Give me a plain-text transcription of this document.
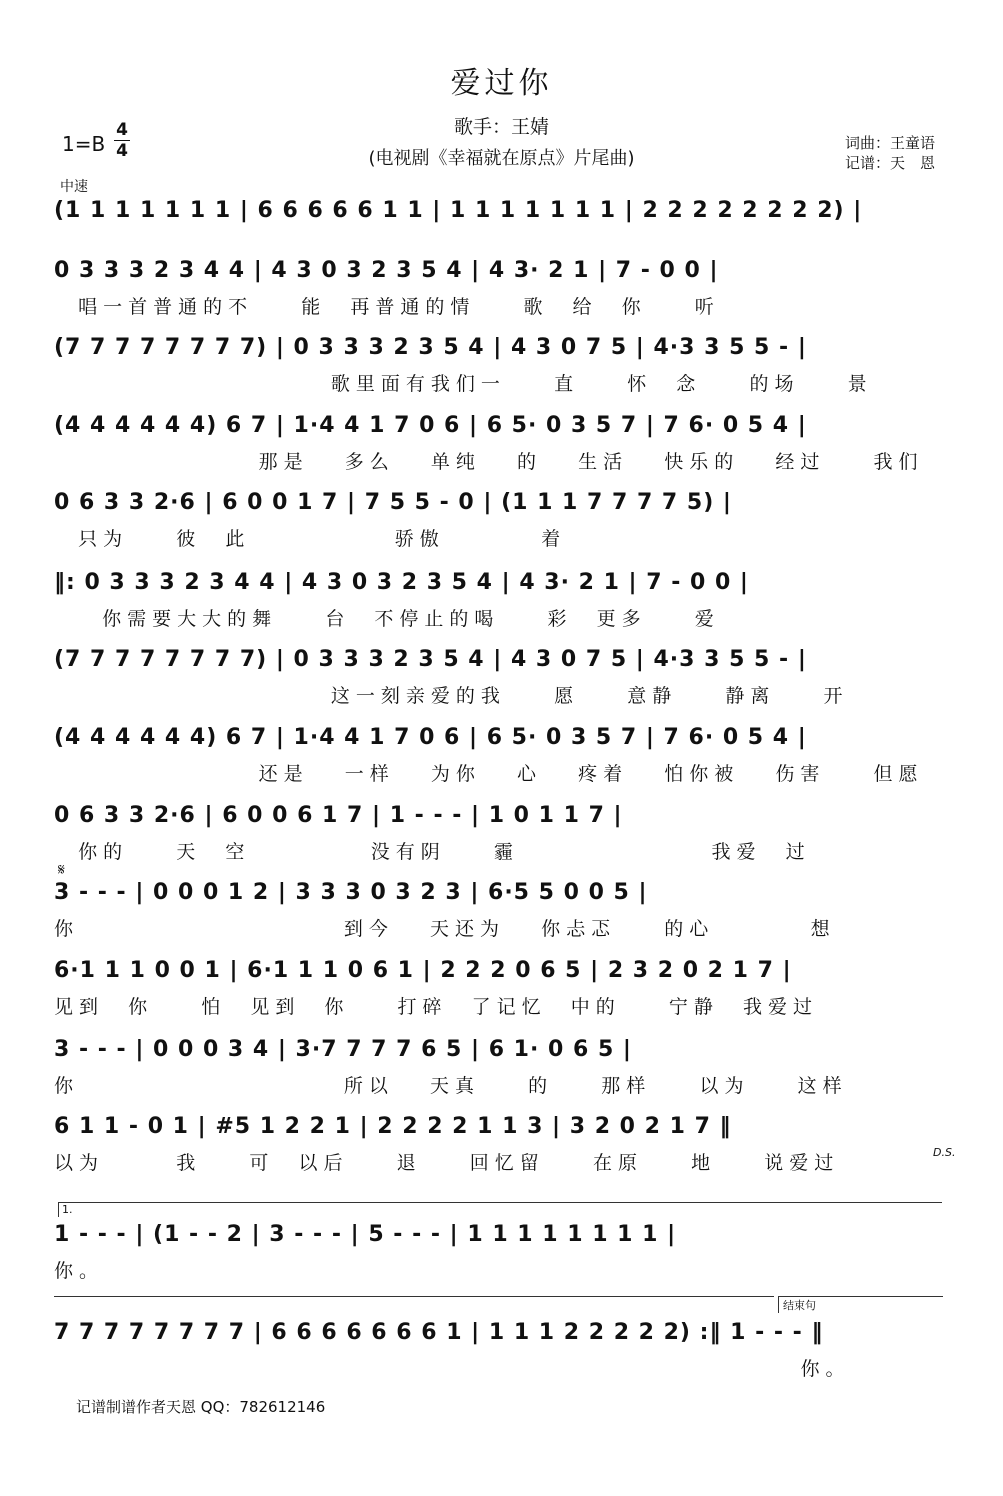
爱过你
歌手：王婧
(电视剧《幸福就在原点》片尾曲)
1=B
4
4	词曲：王童语
记谱：天　恩
中速
(1 1 1 1 1 1 1 | 6 6 6 6 6 1 1 | 1 1 1 1 1 1 1 | 2 2 2 2 2 2 2 2) |
0 3 3 3 2 3 4 4 | 4 3 0 3 2 3 5 4 | 4 3· 2 1 | 7 - 0 0 |
唱一首普通的不    能  再普通的情    歌  给  你    听
(7 7 7 7 7 7 7 7) | 0 3 3 3 2 3 5 4 | 4 3 0 7 5 | 4·3 3 5 5 - |
歌里面有我们一    直    怀  念    的场    景
(4 4 4 4 4 4) 6 7 | 1·4 4 1 7 0 6 | 6 5· 0 3 5 7 | 7 6· 0 5 4 |
那是   多么   单纯   的   生活   快乐的   经过    我们
0 6 3 3 2·6 | 6 0 0 1 7 | 7 5 5 - 0 | (1 1 1 7 7 7 7 5) |
只为    彼  此            骄傲        着
‖: 0 3 3 3 2 3 4 4 | 4 3 0 3 2 3 5 4 | 4 3· 2 1 | 7 - 0 0 |
你需要大大的舞    台  不停止的喝    彩  更多    爱
(7 7 7 7 7 7 7 7) | 0 3 3 3 2 3 5 4 | 4 3 0 7 5 | 4·3 3 5 5 - |
这一刻亲爱的我    愿    意静    静离    开
(4 4 4 4 4 4) 6 7 | 1·4 4 1 7 0 6 | 6 5· 0 3 5 7 | 7 6· 0 5 4 |
还是   一样   为你   心   疼着   怕你被   伤害    但愿
0 6 3 3 2·6 | 6 0 0 6 1 7 | 1 - - - | 1 0 1 1 7 |
你的    天  空          没有阴    霾                我爱  过
3 - - - | 0 0 0 1 2 | 3 3 3 0 3 2 3 | 6·5 5 0 0 5 |
你                      到今   天还为   你忐忑    的心        想
6·1 1 1 0 0 1 | 6·1 1 1 0 6 1 | 2 2 2 0 6 5 | 2 3 2 0 2 1 7 |
见到  你    怕  见到  你    打碎  了记忆  中的    宁静  我爱过
3 - - - | 0 0 0 3 4 | 3·7 7 7 7 6 5 | 6 1· 0 6 5 |
你                      所以   天真    的    那样    以为    这样
6 1 1 - 0 1 | #5 1 2 2 1 | 2 2 2 2 1 1 3 | 3 2 0 2 1 7 ‖
以为      我    可  以后    退    回忆留    在原    地    说爱过
1 - - - | (1 - - 2 | 3 - - - | 5 - - - | 1 1 1 1 1 1 1 1 |
你。
7 7 7 7 7 7 7 7 | 6 6 6 6 6 6 6 1 | 1 1 1 2 2 2 2 2) :‖ 1 - - - ‖
你。
𝄋
D.S.
1.
结束句
记谱制谱作者天恩 QQ：782612146
